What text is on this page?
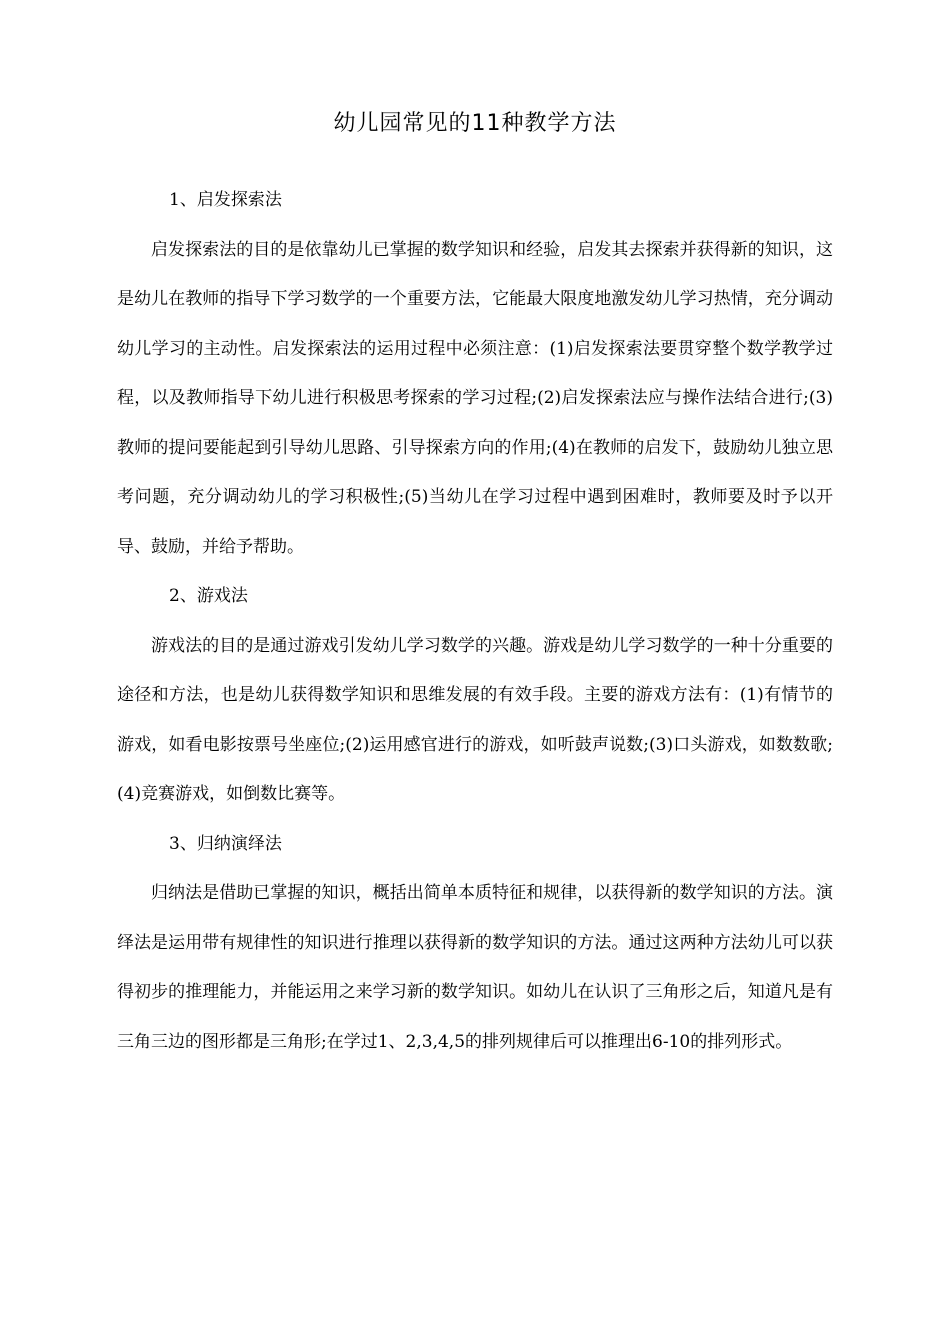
幼儿园常见的11种教学方法

1、启发探索法

启发探索法的目的是依靠幼儿已掌握的数学知识和经验，启发其去探索并获得新的知识，这是幼儿在教师的指导下学习数学的一个重要方法，它能最大限度地激发幼儿学习热情，充分调动幼儿学习的主动性。启发探索法的运用过程中必须注意：(1)启发探索法要贯穿整个数学教学过程，以及教师指导下幼儿进行积极思考探索的学习过程;(2)启发探索法应与操作法结合进行;(3)教师的提问要能起到引导幼儿思路、引导探索方向的作用;(4)在教师的启发下，鼓励幼儿独立思考问题，充分调动幼儿的学习积极性;(5)当幼儿在学习过程中遇到困难时，教师要及时予以开导、鼓励，并给予帮助。

2、游戏法

游戏法的目的是通过游戏引发幼儿学习数学的兴趣。游戏是幼儿学习数学的一种十分重要的途径和方法，也是幼儿获得数学知识和思维发展的有效手段。主要的游戏方法有：(1)有情节的游戏，如看电影按票号坐座位;(2)运用感官进行的游戏，如听鼓声说数;(3)口头游戏，如数数歌;(4)竞赛游戏，如倒数比赛等。

3、归纳演绎法

归纳法是借助已掌握的知识，概括出简单本质特征和规律，以获得新的数学知识的方法。演绎法是运用带有规律性的知识进行推理以获得新的数学知识的方法。通过这两种方法幼儿可以获得初步的推理能力，并能运用之来学习新的数学知识。如幼儿在认识了三角形之后，知道凡是有三角三边的图形都是三角形;在学过1、2,3,4,5的排列规律后可以推理出6-10的排列形式。
